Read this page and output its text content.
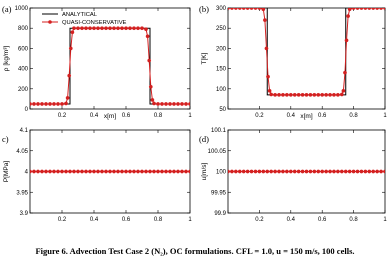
(a)
0.2	0.4	0.6	0.8	1
0
200
400
600
800
1000
x[m]
ρ [kg/m³]
ANALYTICAL
QUASI-CONSERVATIVE
(b)
0.2	0.4	0.6	0.8	1
50
100
150
200
250
300
x[m]
T[K]
c)
0.2	0.4	0.6	0.8	1
3.9
3.95
4
4.05
4.1
P[MPa]
(d)
0.2	0.4	0.6	0.8	1
99.9
99.95
100
100.05
100.1
u[m/s]
Figure 6. Advection Test Case 2 (N₂), OC formulations. CFL = 1.0, u = 150 m/s, 100 cells.
